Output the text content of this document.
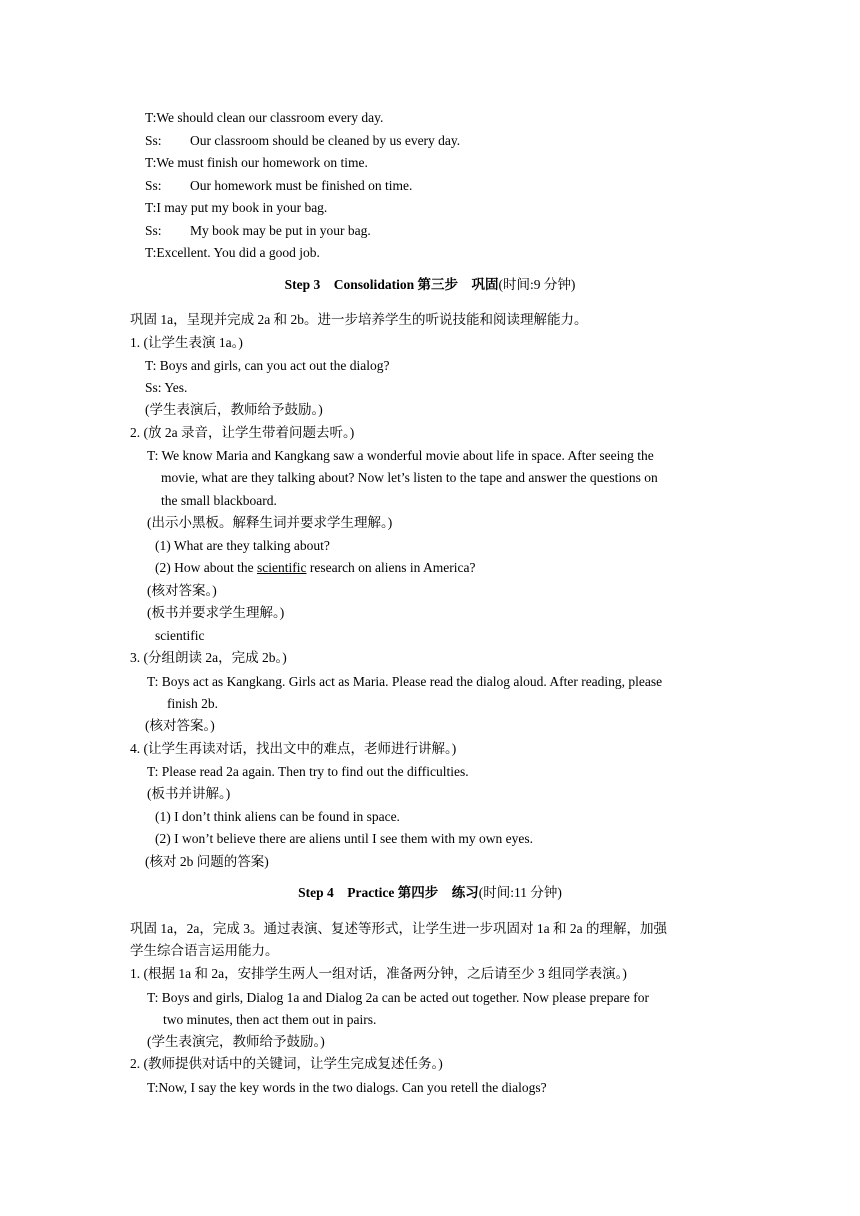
T:We should clean our classroom every day.
Ss: Our classroom should be cleaned by us every day.
T:We must finish our homework on time.
Ss: Our homework must be finished on time.
T:I may put my book in your bag.
Ss: My book may be put in your bag.
T:Excellent. You did a good job.
Step 3　Consolidation 第三步　巩固(时间:9 分钟)
巩固 1a，呈现并完成 2a 和 2b。进一步培养学生的听说技能和阅读理解能力。
1. (让学生表演 1a。)
T: Boys and girls, can you act out the dialog?
Ss: Yes.
(学生表演后，教师给予鼓励。)
2. (放 2a 录音，让学生带着问题去听。)
T: We know Maria and Kangkang saw a wonderful movie about life in space. After seeing the
movie, what are they talking about? Now let’s listen to the tape and answer the questions on
the small blackboard.
(出示小黑板。解释生词并要求学生理解。)
(1) What are they talking about?
(2) How about the scientific research on aliens in America?
(核对答案。)
(板书并要求学生理解。)
scientific
3. (分组朗读 2a，完成 2b。)
T: Boys act as Kangkang. Girls act as Maria. Please read the dialog aloud. After reading, please
finish 2b.
(核对答案。)
4. (让学生再读对话，找出文中的难点，老师进行讲解。)
T: Please read 2a again. Then try to find out the difficulties.
(板书并讲解。)
(1) I don’t think aliens can be found in space.
(2) I won’t believe there are aliens until I see them with my own eyes.
(核对 2b 问题的答案)
Step 4　Practice 第四步　练习(时间:11 分钟)
巩固 1a，2a，完成 3。通过表演、复述等形式，让学生进一步巩固对 1a 和 2a 的理解，加强
学生综合语言运用能力。
1. (根据 1a 和 2a，安排学生两人一组对话，准备两分钟，之后请至少 3 组同学表演。)
T: Boys and girls, Dialog 1a and Dialog 2a can be acted out together. Now please prepare for
two minutes, then act them out in pairs.
(学生表演完，教师给予鼓励。)
2. (教师提供对话中的关键词，让学生完成复述任务。)
T:Now, I say the key words in the two dialogs. Can you retell the dialogs?
